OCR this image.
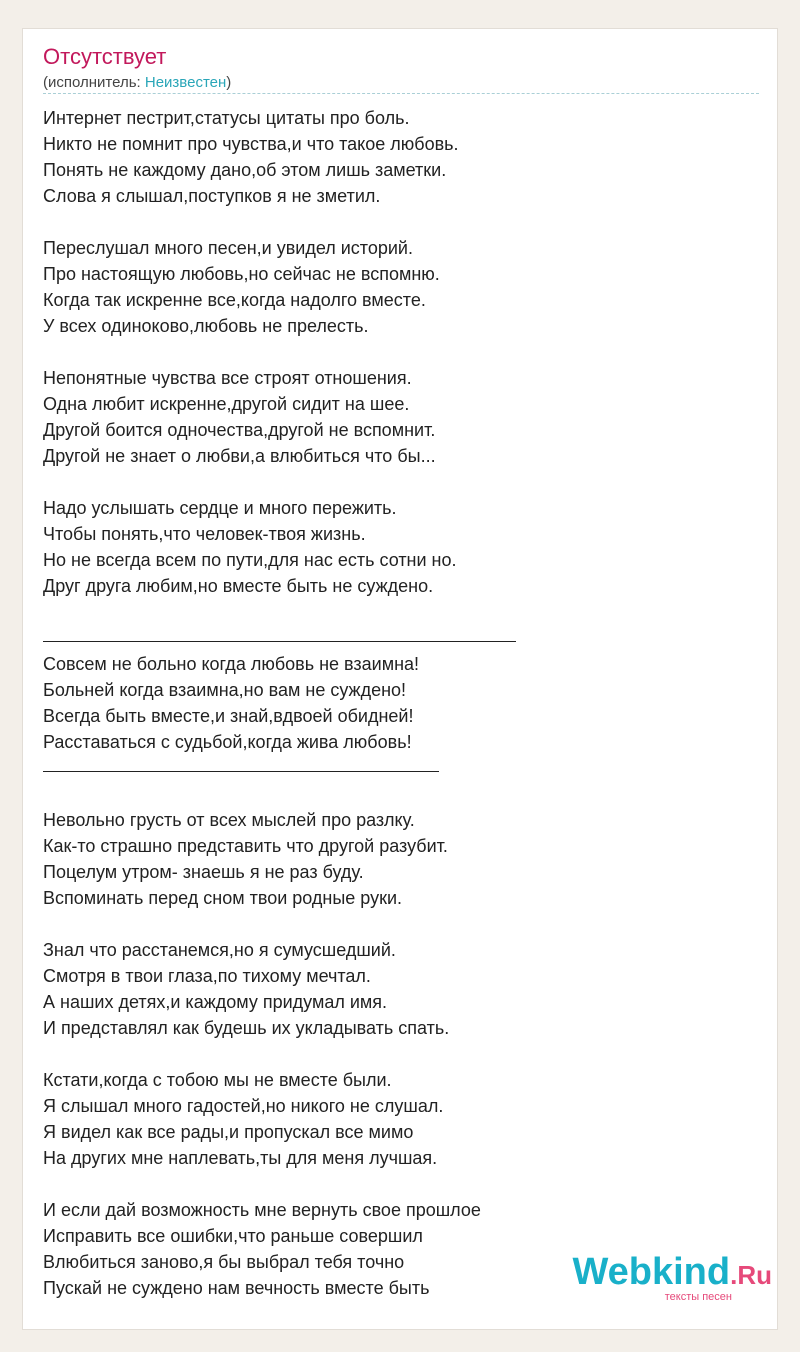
Отсутствует
(исполнитель: Неизвестен)
Интернет пестрит,статусы цитаты про боль.
Никто не помнит про чувства,и что такое любовь.
Понять не каждому дано,об этом лишь заметки.
Слова я слышал,поступков я не зметил.
Переслушал много песен,и увидел историй.
Про настоящую любовь,но сейчас не вспомню.
Когда так искренне все,когда надолго вместе.
У всех одиноково,любовь не прелесть.
Непонятные чувства все строят отношения.
Одна любит искренне,другой сидит на шее.
Другой боится одночества,другой не вспомнит.
Другой не знает о любви,а влюбиться что бы...
Надо услышать сердце и много пережить.
Чтобы понять,что человек-твоя жизнь.
Но не всегда всем по пути,для нас есть сотни но.
Друг друга любим,но вместе быть не суждено.
Совсем не больно когда любовь не взаимна!
Больней когда взаимна,но вам не суждено!
Всегда быть вместе,и знай,вдвоей обидней!
Расставаться с судьбой,когда жива любовь!
Невольно грусть от всех мыслей про разлку.
Как-то страшно представить что другой разубит.
Поцелум утром- знаешь я не раз буду.
Вспоминать перед сном твои родные руки.
Знал что расстанемся,но я сумусшедший.
Смотря в твои глаза,по тихому мечтал.
А наших детях,и каждому придумал имя.
И представлял как будешь их укладывать спать.
Кстати,когда с тобою мы не вместе были.
Я слышал много гадостей,но никого не слушал.
Я видел как все рады,и пропускал все мимо
На других мне наплевать,ты для меня лучшая.
И если дай возможность мне вернуть свое прошлое
Исправить все ошибки,что раньше совершил
Влюбиться заново,я бы выбрал тебя точно
Пускай не суждено нам вечность вместе быть	Webkind.Ru
тексты песен
